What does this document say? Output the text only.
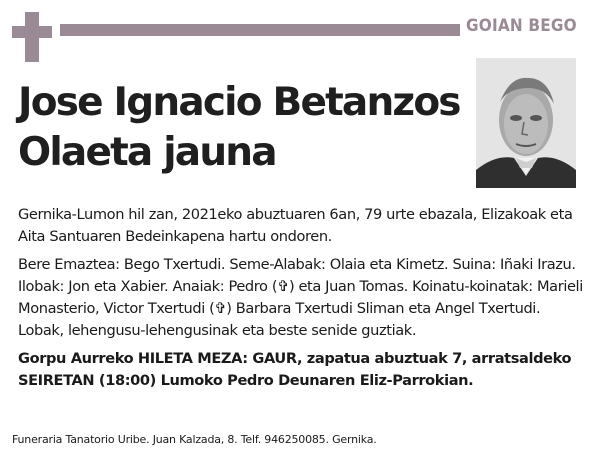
GOIAN BEGO
Jose Ignacio Betanzos
Olaeta jauna

Gernika-Lumon hil zan, 2021eko abuztuaren 6an, 79 urte ebazala, Elizakoak eta Aita Santuaren Bedeinkapena hartu ondoren.

Bere Emaztea: Bego Txertudi. Seme-Alabak: Olaia eta Kimetz. Suina: Iñaki Irazu. Ilobak: Jon eta Xabier. Anaiak: Pedro (✞) eta Juan Tomas. Koinatu-koinatak: Marieli Monasterio, Victor Txertudi (✞) Barbara Txertudi Sliman eta Angel Txertudi. Lobak, lehengusu-lehengusinak eta beste senide guztiak.

Gorpu Aurreko HILETA MEZA: GAUR, zapatua abuztuak 7, arratsaldeko SEIRETAN (18:00) Lumoko Pedro Deunaren Eliz-Parrokian.

Funeraria Tanatorio Uribe. Juan Kalzada, 8. Telf. 946250085. Gernika.
